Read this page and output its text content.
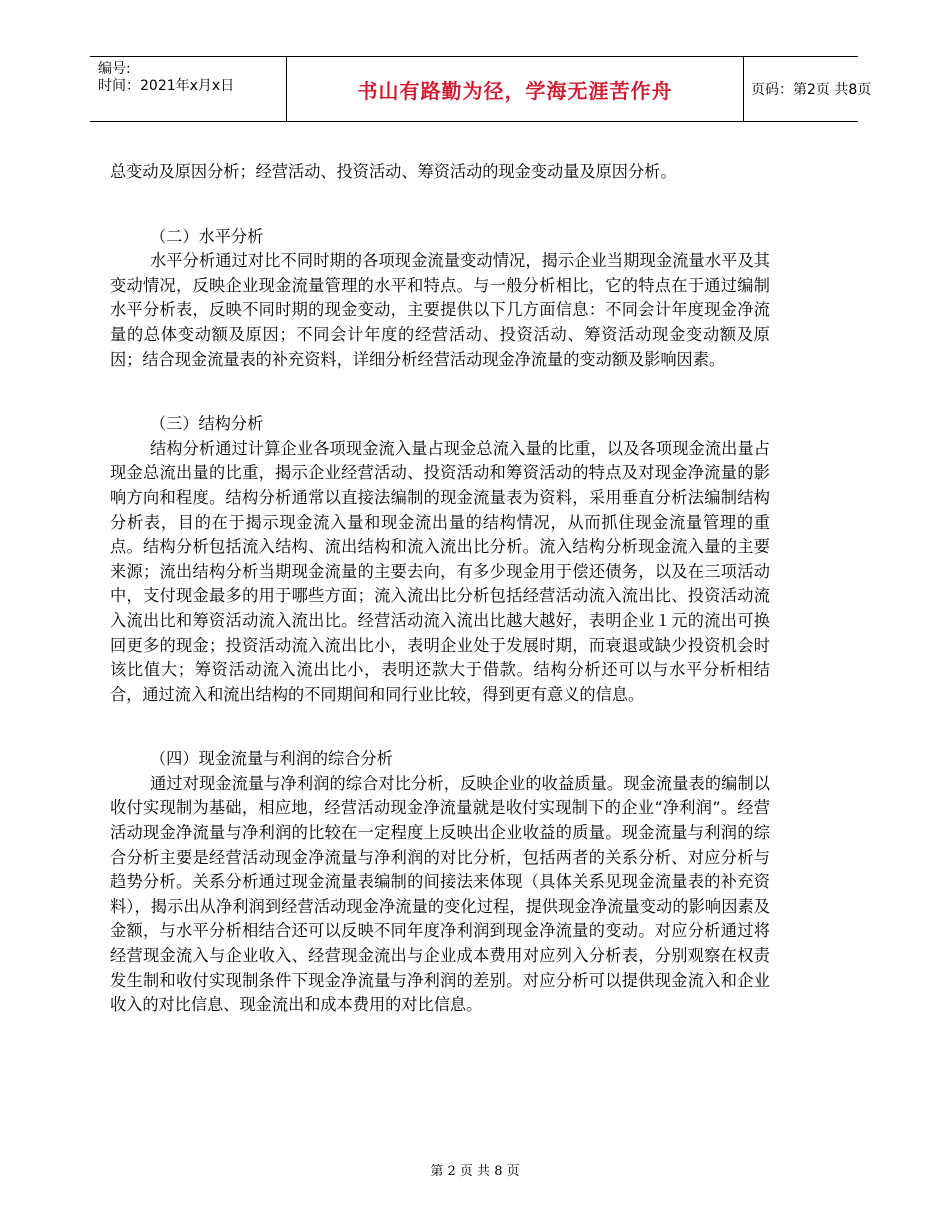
编号:
时间：2021年x月x日	书山有路勤为径，学海无涯苦作舟	页码：第2页 共8页

总变动及原因分析；经营活动、投资活动、筹资活动的现金变动量及原因分析。

（二）水平分析

水平分析通过对比不同时期的各项现金流量变动情况，揭示企业当期现金流量水平及其变动情况，反映企业现金流量管理的水平和特点。与一般分析相比，它的特点在于通过编制水平分析表，反映不同时期的现金变动，主要提供以下几方面信息：不同会计年度现金净流量的总体变动额及原因；不同会计年度的经营活动、投资活动、筹资活动现金变动额及原因；结合现金流量表的补充资料，详细分析经营活动现金净流量的变动额及影响因素。

（三）结构分析

结构分析通过计算企业各项现金流入量占现金总流入量的比重，以及各项现金流出量占现金总流出量的比重，揭示企业经营活动、投资活动和筹资活动的特点及对现金净流量的影响方向和程度。结构分析通常以直接法编制的现金流量表为资料，采用垂直分析法编制结构分析表，目的在于揭示现金流入量和现金流出量的结构情况，从而抓住现金流量管理的重点。结构分析包括流入结构、流出结构和流入流出比分析。流入结构分析现金流入量的主要来源；流出结构分析当期现金流量的主要去向，有多少现金用于偿还债务，以及在三项活动中，支付现金最多的用于哪些方面；流入流出比分析包括经营活动流入流出比、投资活动流入流出比和筹资活动流入流出比。经营活动流入流出比越大越好，表明企业１元的流出可换回更多的现金；投资活动流入流出比小，表明企业处于发展时期，而衰退或缺少投资机会时该比值大；筹资活动流入流出比小，表明还款大于借款。结构分析还可以与水平分析相结合，通过流入和流出结构的不同期间和同行业比较，得到更有意义的信息。

（四）现金流量与利润的综合分析

通过对现金流量与净利润的综合对比分析，反映企业的收益质量。现金流量表的编制以收付实现制为基础，相应地，经营活动现金净流量就是收付实现制下的企业“净利润”。经营活动现金净流量与净利润的比较在一定程度上反映出企业收益的质量。现金流量与利润的综合分析主要是经营活动现金净流量与净利润的对比分析，包括两者的关系分析、对应分析与趋势分析。关系分析通过现金流量表编制的间接法来体现（具体关系见现金流量表的补充资料），揭示出从净利润到经营活动现金净流量的变化过程，提供现金净流量变动的影响因素及金额，与水平分析相结合还可以反映不同年度净利润到现金净流量的变动。对应分析通过将经营现金流入与企业收入、经营现金流出与企业成本费用对应列入分析表，分别观察在权责发生制和收付实现制条件下现金净流量与净利润的差别。对应分析可以提供现金流入和企业收入的对比信息、现金流出和成本费用的对比信息。

第 2 页 共 8 页
